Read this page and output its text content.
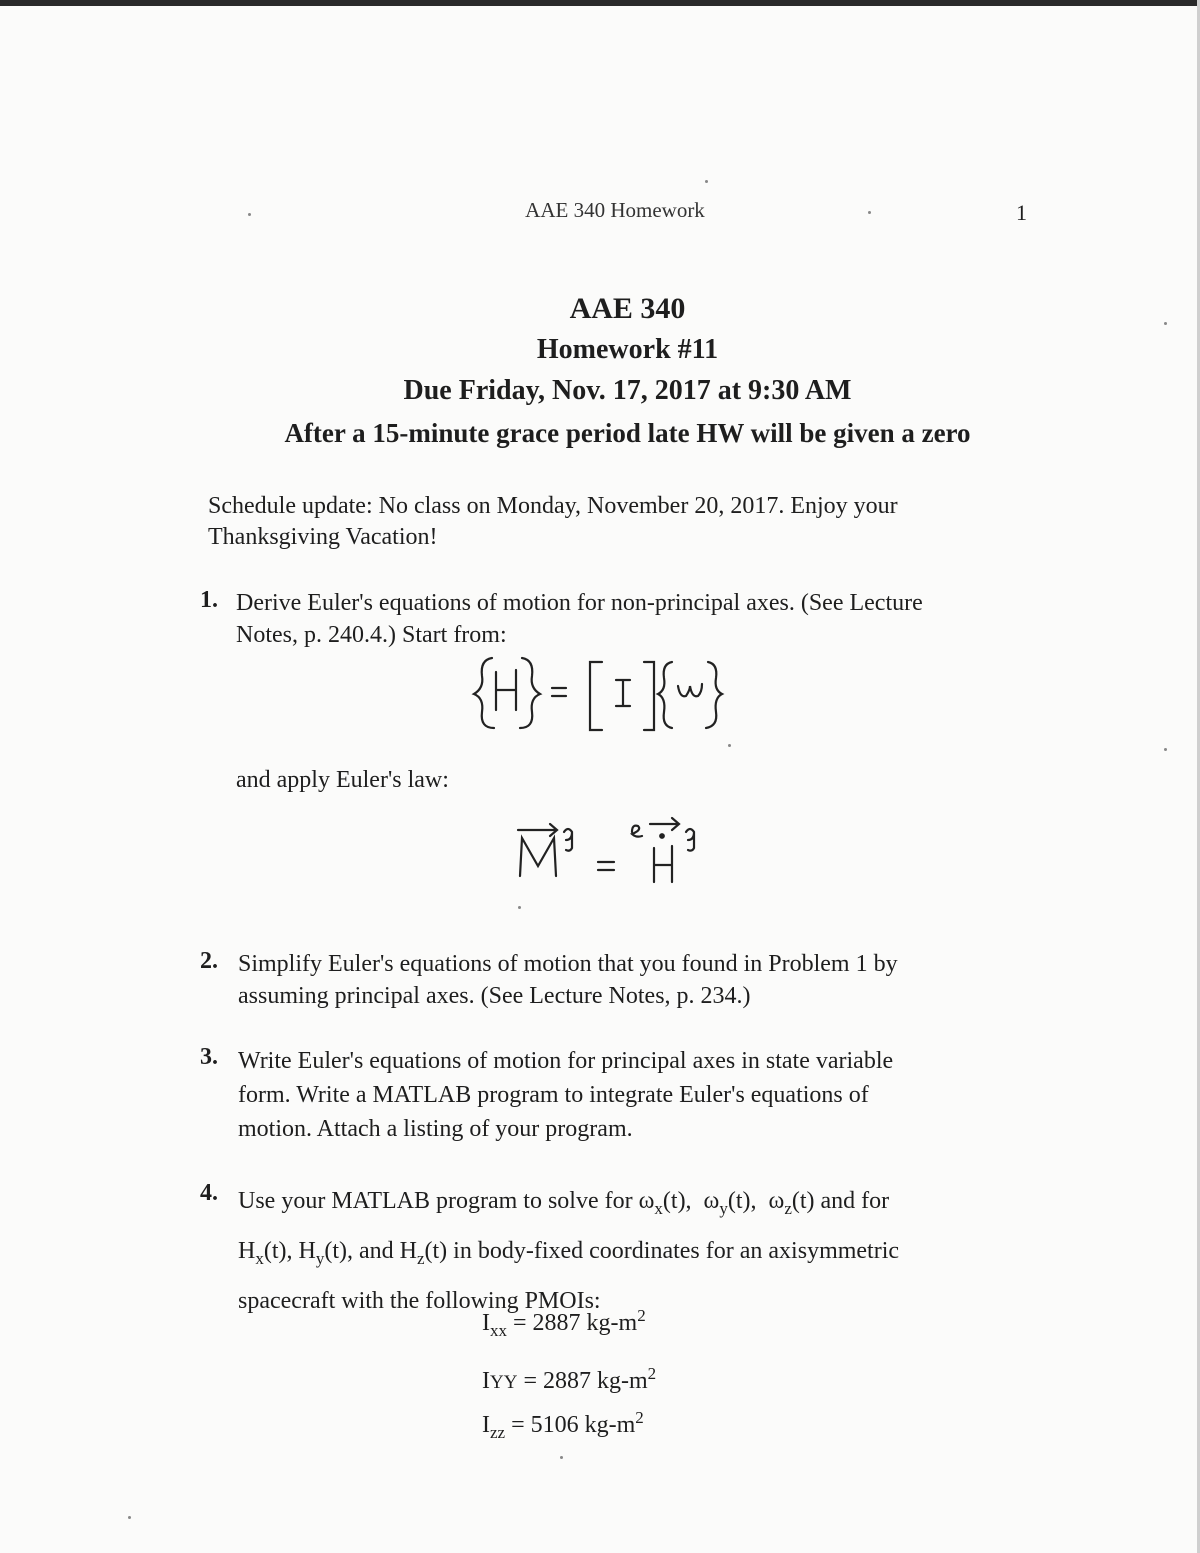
AAE 340 Homework	1
AAE 340
Homework #11
Due Friday, Nov. 17, 2017 at 9:30 AM
After a 15-minute grace period late HW will be given a zero
Schedule update: No class on Monday, November 20, 2017. Enjoy your
Thanksgiving Vacation!
1. Derive Euler's equations of motion for non-principal axes. (See Lecture
Notes, p. 240.4.) Start from:
and apply Euler's law:
2. Simplify Euler's equations of motion that you found in Problem 1 by
assuming principal axes. (See Lecture Notes, p. 234.)
3. Write Euler's equations of motion for principal axes in state variable
form. Write a MATLAB program to integrate Euler's equations of
motion. Attach a listing of your program.
4. Use your MATLAB program to solve for $\omega_x(t)$,  $\omega_y(t)$,  $\omega_z(t)$ and for
$H_x(t)$, $H_y(t)$, and $H_z(t)$ in body-fixed coordinates for an axisymmetric
spacecraft with the following PMOIs:
$I_{xx} = 2887$ $kg-m^2$
IYY = 2887 $kg-m^2$
$I_{zz} = 5106$ $kg-m^2$
